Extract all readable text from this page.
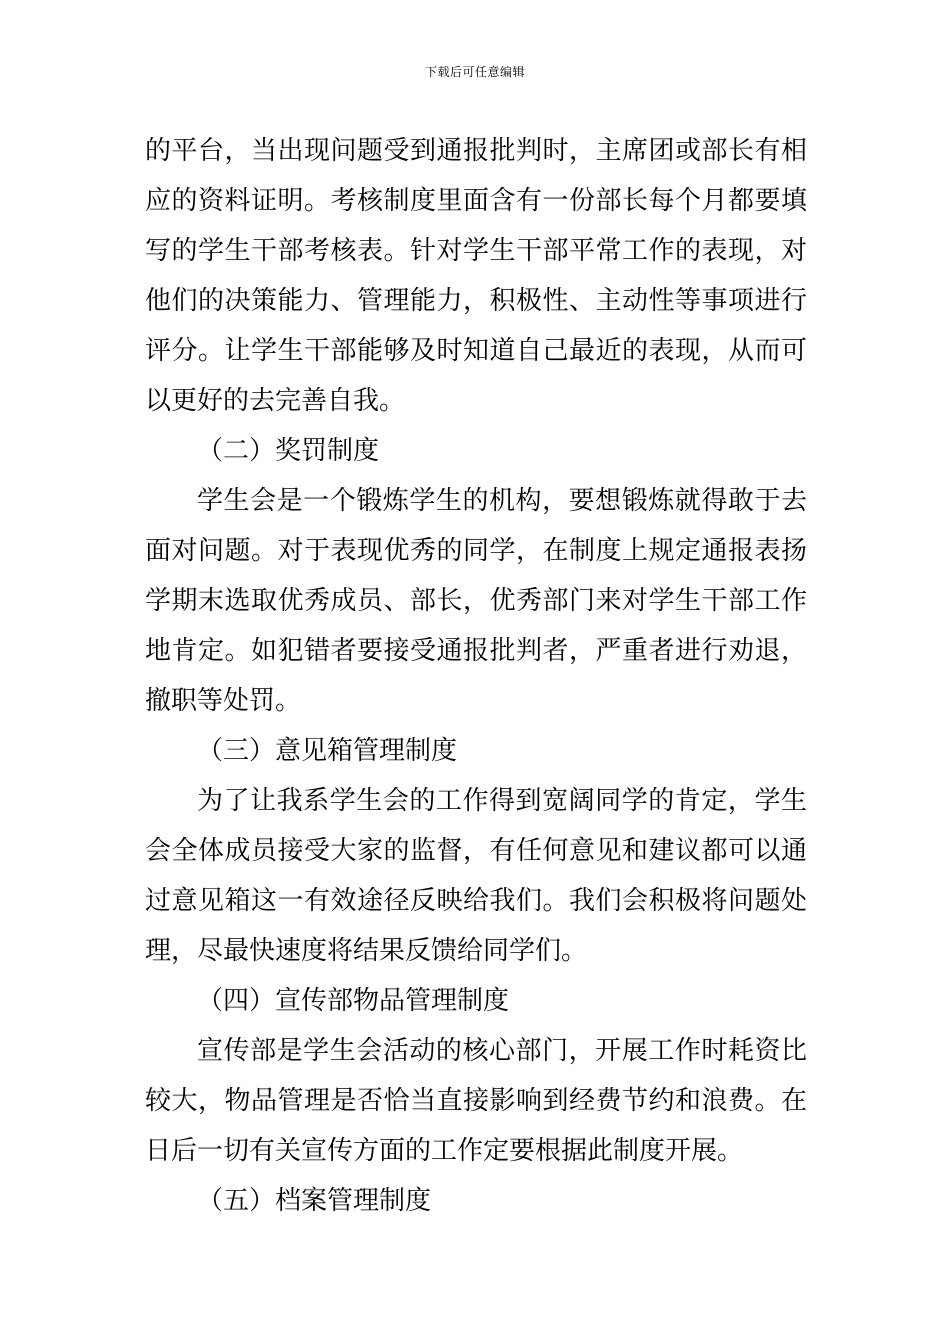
下载后可任意编辑
的平台，当出现问题受到通报批判时，主席团或部长有相
应的资料证明。考核制度里面含有一份部长每个月都要填
写的学生干部考核表。针对学生干部平常工作的表现，对
他们的决策能力、管理能力，积极性、主动性等事项进行
评分。让学生干部能够及时知道自己最近的表现，从而可
以更好的去完善自我。
（二）奖罚制度
学生会是一个锻炼学生的机构，要想锻炼就得敢于去
面对问题。对于表现优秀的同学，在制度上规定通报表扬
学期末选取优秀成员、部长，优秀部门来对学生干部工作
地肯定。如犯错者要接受通报批判者，严重者进行劝退，
撤职等处罚。
（三）意见箱管理制度
为了让我系学生会的工作得到宽阔同学的肯定，学生
会全体成员接受大家的监督，有任何意见和建议都可以通
过意见箱这一有效途径反映给我们。我们会积极将问题处
理，尽最快速度将结果反馈给同学们。
（四）宣传部物品管理制度
宣传部是学生会活动的核心部门，开展工作时耗资比
较大，物品管理是否恰当直接影响到经费节约和浪费。在
日后一切有关宣传方面的工作定要根据此制度开展。
（五）档案管理制度
